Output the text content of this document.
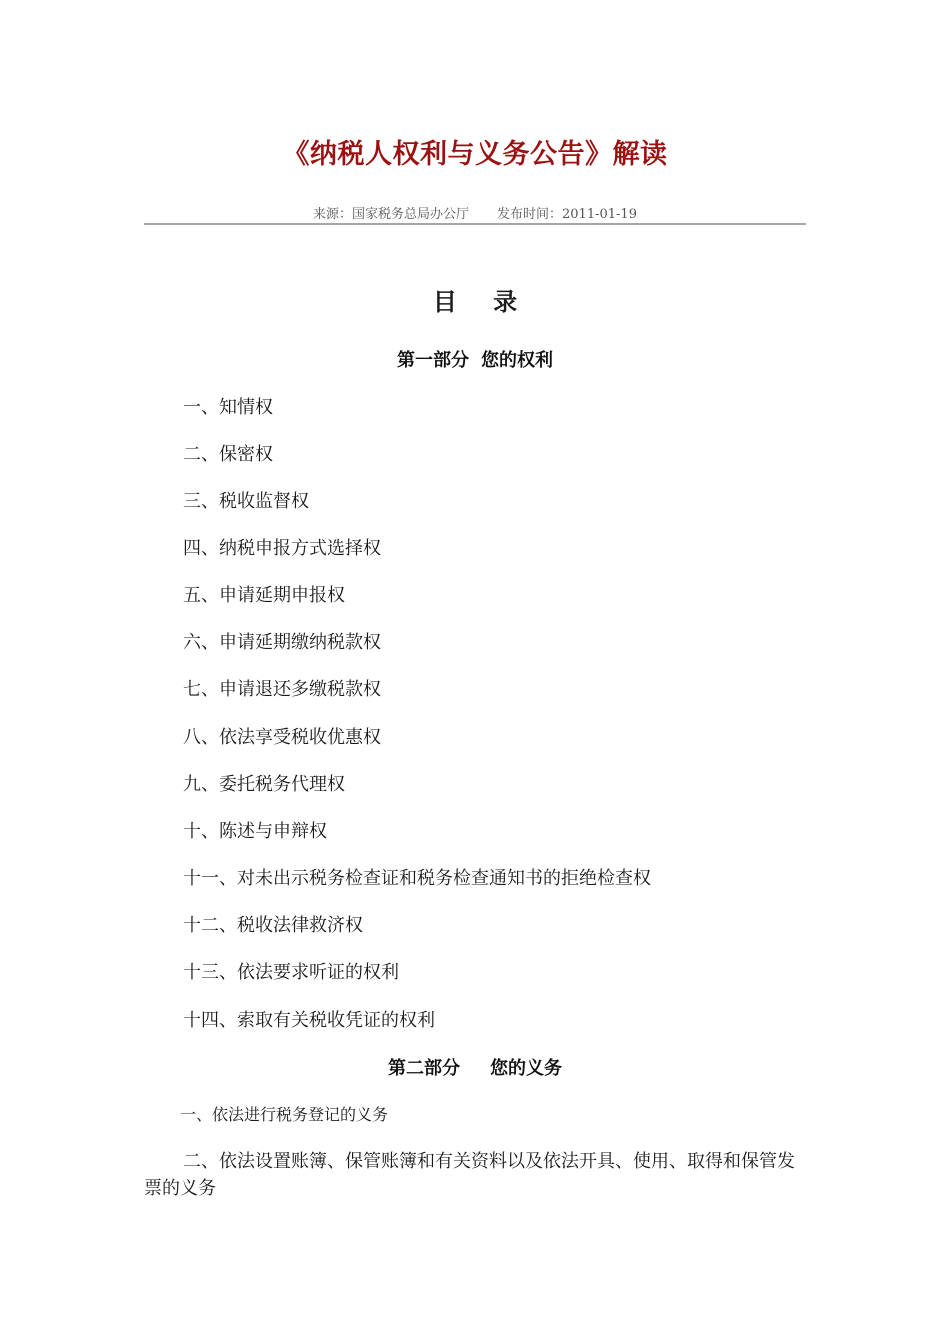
《纳税人权利与义务公告》解读
来源：国家税务总局办公厅 发布时间：2011-01-19
目 录
第一部分 您的权利
一、知情权
二、保密权
三、税收监督权
四、纳税申报方式选择权
五、申请延期申报权
六、申请延期缴纳税款权
七、申请退还多缴税款权
八、依法享受税收优惠权
九、委托税务代理权
十、陈述与申辩权
十一、对未出示税务检查证和税务检查通知书的拒绝检查权
十二、税收法律救济权
十三、依法要求听证的权利
十四、索取有关税收凭证的权利
第二部分 您的义务
一、依法进行税务登记的义务
二、依法设置账簿、保管账簿和有关资料以及依法开具、使用、取得和保管发票的义务
